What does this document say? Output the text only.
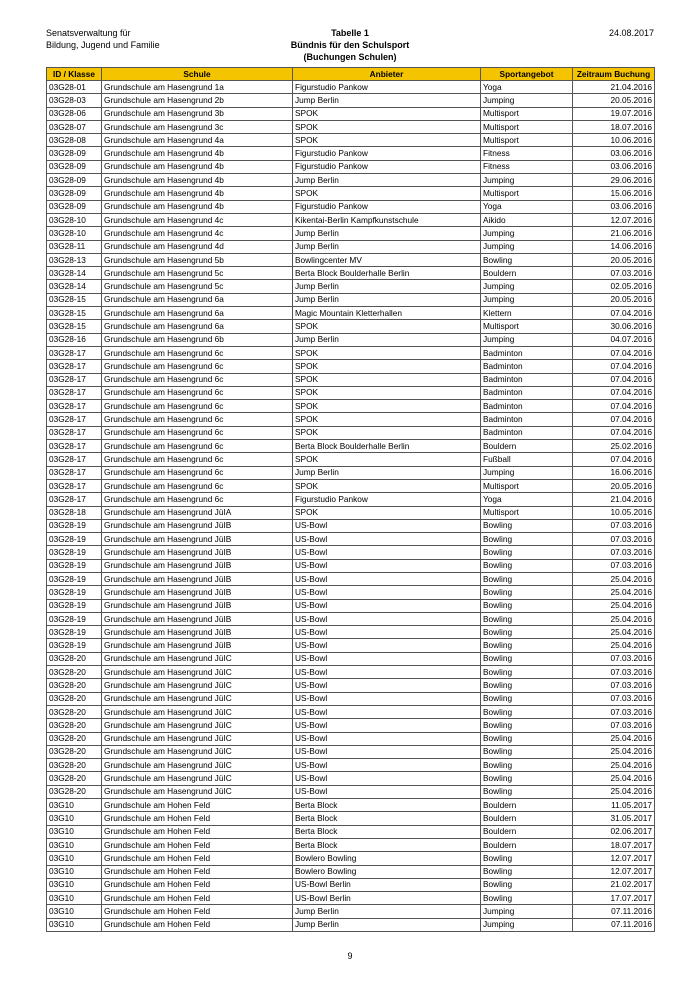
Senatsverwaltung für
Bildung, Jugend und Familie
Tabelle 1
Bündnis für den Schulsport
(Buchungen Schulen)
24.08.2017
ID / Klasse	Schule	Anbieter	Sportangebot	Zeitraum Buchung
03G28-01	Grundschule am Hasengrund 1a	Figurstudio Pankow	Yoga	21.04.2016
03G28-03	Grundschule am Hasengrund 2b	Jump Berlin	Jumping	20.05.2016
03G28-06	Grundschule am Hasengrund 3b	SPOK	Multisport	19.07.2016
03G28-07	Grundschule am Hasengrund 3c	SPOK	Multisport	18.07.2016
03G28-08	Grundschule am Hasengrund 4a	SPOK	Multisport	10.06.2016
03G28-09	Grundschule am Hasengrund 4b	Figurstudio Pankow	Fitness	03.06.2016
03G28-09	Grundschule am Hasengrund 4b	Figurstudio Pankow	Fitness	03.06.2016
03G28-09	Grundschule am Hasengrund 4b	Jump Berlin	Jumping	29.06.2016
03G28-09	Grundschule am Hasengrund 4b	SPOK	Multisport	15.06.2016
03G28-09	Grundschule am Hasengrund 4b	Figurstudio Pankow	Yoga	03.06.2016
03G28-10	Grundschule am Hasengrund 4c	Kikentai-Berlin Kampfkunstschule	Aikido	12.07.2016
03G28-10	Grundschule am Hasengrund 4c	Jump Berlin	Jumping	21.06.2016
03G28-11	Grundschule am Hasengrund 4d	Jump Berlin	Jumping	14.06.2016
03G28-13	Grundschule am Hasengrund 5b	Bowlingcenter MV	Bowling	20.05.2016
03G28-14	Grundschule am Hasengrund 5c	Berta Block Boulderhalle Berlin	Bouldern	07.03.2016
03G28-14	Grundschule am Hasengrund 5c	Jump Berlin	Jumping	02.05.2016
03G28-15	Grundschule am Hasengrund 6a	Jump Berlin	Jumping	20.05.2016
03G28-15	Grundschule am Hasengrund 6a	Magic Mountain Kletterhallen	Klettern	07.04.2016
03G28-15	Grundschule am Hasengrund 6a	SPOK	Multisport	30.06.2016
03G28-16	Grundschule am Hasengrund 6b	Jump Berlin	Jumping	04.07.2016
03G28-17	Grundschule am Hasengrund 6c	SPOK	Badminton	07.04.2016
03G28-17	Grundschule am Hasengrund 6c	SPOK	Badminton	07.04.2016
03G28-17	Grundschule am Hasengrund 6c	SPOK	Badminton	07.04.2016
03G28-17	Grundschule am Hasengrund 6c	SPOK	Badminton	07.04.2016
03G28-17	Grundschule am Hasengrund 6c	SPOK	Badminton	07.04.2016
03G28-17	Grundschule am Hasengrund 6c	SPOK	Badminton	07.04.2016
03G28-17	Grundschule am Hasengrund 6c	SPOK	Badminton	07.04.2016
03G28-17	Grundschule am Hasengrund 6c	Berta Block Boulderhalle Berlin	Bouldern	25.02.2016
03G28-17	Grundschule am Hasengrund 6c	SPOK	Fußball	07.04.2016
03G28-17	Grundschule am Hasengrund 6c	Jump Berlin	Jumping	16.06.2016
03G28-17	Grundschule am Hasengrund 6c	SPOK	Multisport	20.05.2016
03G28-17	Grundschule am Hasengrund 6c	Figurstudio Pankow	Yoga	21.04.2016
03G28-18	Grundschule am Hasengrund JüIA	SPOK	Multisport	10.05.2016
03G28-19	Grundschule am Hasengrund JüIB	US-Bowl	Bowling	07.03.2016
03G28-19	Grundschule am Hasengrund JüIB	US-Bowl	Bowling	07.03.2016
03G28-19	Grundschule am Hasengrund JüIB	US-Bowl	Bowling	07.03.2016
03G28-19	Grundschule am Hasengrund JüIB	US-Bowl	Bowling	07.03.2016
03G28-19	Grundschule am Hasengrund JüIB	US-Bowl	Bowling	25.04.2016
03G28-19	Grundschule am Hasengrund JüIB	US-Bowl	Bowling	25.04.2016
03G28-19	Grundschule am Hasengrund JüIB	US-Bowl	Bowling	25.04.2016
03G28-19	Grundschule am Hasengrund JüIB	US-Bowl	Bowling	25.04.2016
03G28-19	Grundschule am Hasengrund JüIB	US-Bowl	Bowling	25.04.2016
03G28-19	Grundschule am Hasengrund JüIB	US-Bowl	Bowling	25.04.2016
03G28-20	Grundschule am Hasengrund JüIC	US-Bowl	Bowling	07.03.2016
03G28-20	Grundschule am Hasengrund JüIC	US-Bowl	Bowling	07.03.2016
03G28-20	Grundschule am Hasengrund JüIC	US-Bowl	Bowling	07.03.2016
03G28-20	Grundschule am Hasengrund JüIC	US-Bowl	Bowling	07.03.2016
03G28-20	Grundschule am Hasengrund JüIC	US-Bowl	Bowling	07.03.2016
03G28-20	Grundschule am Hasengrund JüIC	US-Bowl	Bowling	07.03.2016
03G28-20	Grundschule am Hasengrund JüIC	US-Bowl	Bowling	25.04.2016
03G28-20	Grundschule am Hasengrund JüIC	US-Bowl	Bowling	25.04.2016
03G28-20	Grundschule am Hasengrund JüIC	US-Bowl	Bowling	25.04.2016
03G28-20	Grundschule am Hasengrund JüIC	US-Bowl	Bowling	25.04.2016
03G28-20	Grundschule am Hasengrund JüIC	US-Bowl	Bowling	25.04.2016
03G10	Grundschule am Hohen Feld	Berta Block	Bouldern	11.05.2017
03G10	Grundschule am Hohen Feld	Berta Block	Bouldern	31.05.2017
03G10	Grundschule am Hohen Feld	Berta Block	Bouldern	02.06.2017
03G10	Grundschule am Hohen Feld	Berta Block	Bouldern	18.07.2017
03G10	Grundschule am Hohen Feld	Bowlero Bowling	Bowling	12.07.2017
03G10	Grundschule am Hohen Feld	Bowlero Bowling	Bowling	12.07.2017
03G10	Grundschule am Hohen Feld	US-Bowl Berlin	Bowling	21.02.2017
03G10	Grundschule am Hohen Feld	US-Bowl Berlin	Bowling	17.07.2017
03G10	Grundschule am Hohen Feld	Jump Berlin	Jumping	07.11.2016
03G10	Grundschule am Hohen Feld	Jump Berlin	Jumping	07.11.2016
9
